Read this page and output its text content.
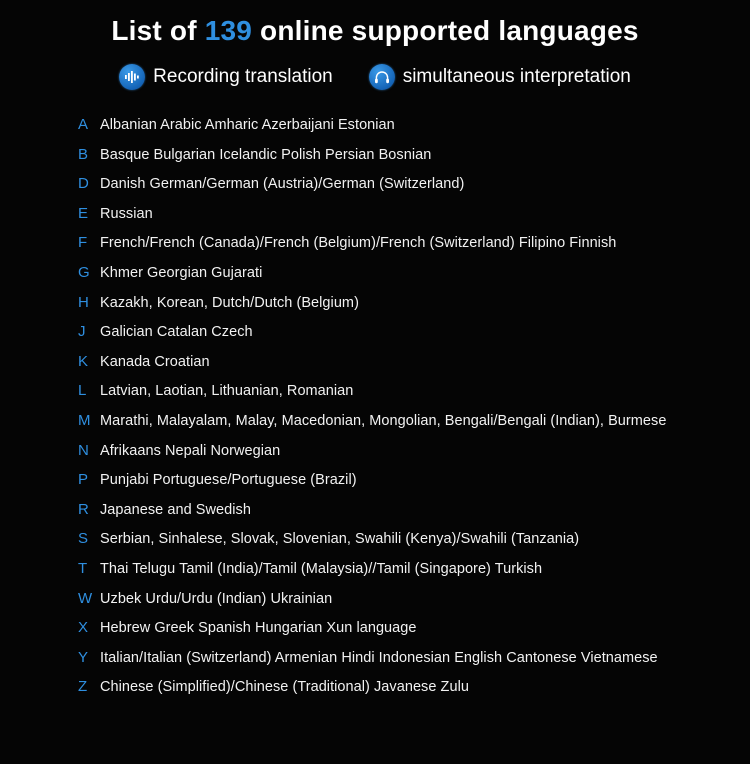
List of 139 online supported languages
Recording translation	simultaneous interpretation
A Albanian Arabic Amharic Azerbaijani Estonian
B Basque Bulgarian Icelandic Polish Persian Bosnian
D Danish German/German (Austria)/German (Switzerland)
E Russian
F French/French (Canada)/French (Belgium)/French (Switzerland) Filipino Finnish
G Khmer Georgian Gujarati
H Kazakh, Korean, Dutch/Dutch (Belgium)
J	Galician Catalan Czech
K Kanada Croatian
L Latvian, Laotian, Lithuanian, Romanian
M Marathi, Malayalam, Malay, Macedonian, Mongolian, Bengali/Bengali (Indian), Burmese
N Afrikaans Nepali Norwegian
P Punjabi Portuguese/Portuguese (Brazil)
R Japanese and Swedish
S Serbian, Sinhalese, Slovak, Slovenian, Swahili (Kenya)/Swahili (Tanzania)
T Thai Telugu Tamil (India)/Tamil (Malaysia)//Tamil (Singapore) Turkish
W Uzbek Urdu/Urdu (Indian) Ukrainian
X Hebrew Greek Spanish Hungarian Xun language
Y Italian/Italian (Switzerland) Armenian Hindi Indonesian English Cantonese Vietnamese
Z Chinese (Simplified)/Chinese (Traditional) Javanese Zulu
